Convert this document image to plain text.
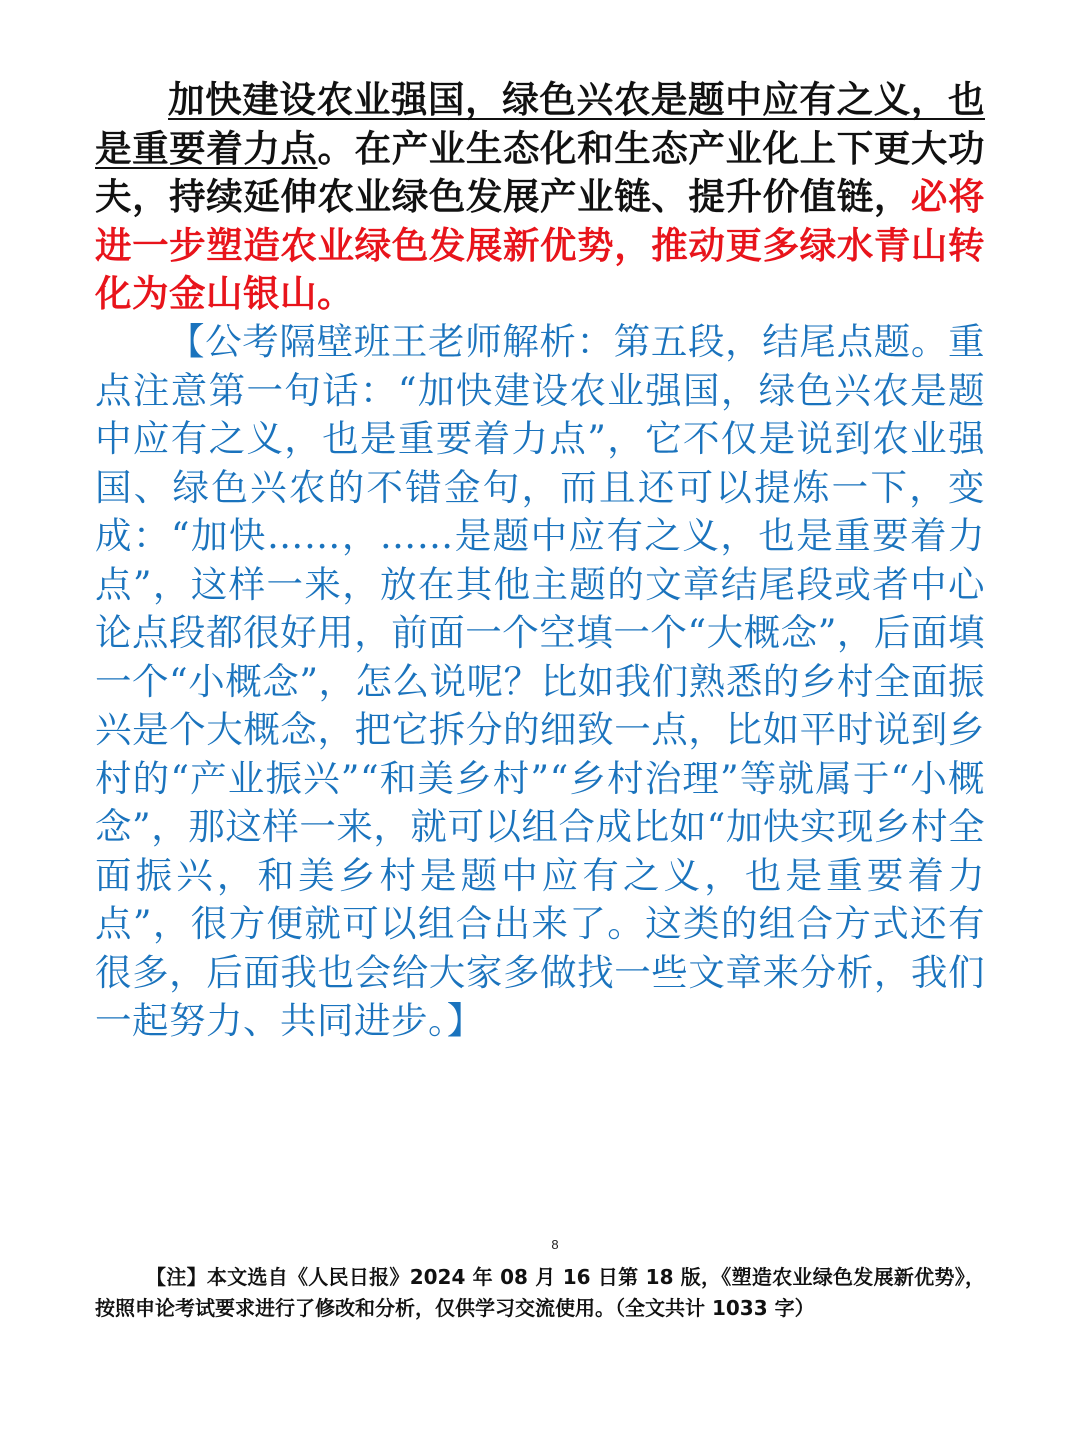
加快建设农业强国，绿色兴农是题中应有之义，也是重要着力点。在产业生态化和生态产业化上下更大功夫，持续延伸农业绿色发展产业链、提升价值链，必将进一步塑造农业绿色发展新优势，推动更多绿水青山转化为金山银山。

【公考隔壁班王老师解析：第五段，结尾点题。重点注意第一句话：“加快建设农业强国，绿色兴农是题中应有之义，也是重要着力点”，它不仅是说到农业强国、绿色兴农的不错金句，而且还可以提炼一下，变成：“加快……，……是题中应有之义，也是重要着力点”，这样一来，放在其他主题的文章结尾段或者中心论点段都很好用，前面一个空填一个“大概念”，后面填一个“小概念”，怎么说呢？比如我们熟悉的乡村全面振兴是个大概念，把它拆分的细致一点，比如平时说到乡村的“产业振兴”“和美乡村”“乡村治理”等就属于“小概念”，那这样一来，就可以组合成比如“加快实现乡村全面振兴，和美乡村是题中应有之义，也是重要着力点”，很方便就可以组合出来了。这类的组合方式还有很多，后面我也会给大家多做找一些文章来分析，我们一起努力、共同进步。】

8

【注】本文选自《人民日报》2024 年 08 月 16 日第 18 版，《塑造农业绿色发展新优势》，按照申论考试要求进行了修改和分析，仅供学习交流使用。（全文共计 1033 字）
